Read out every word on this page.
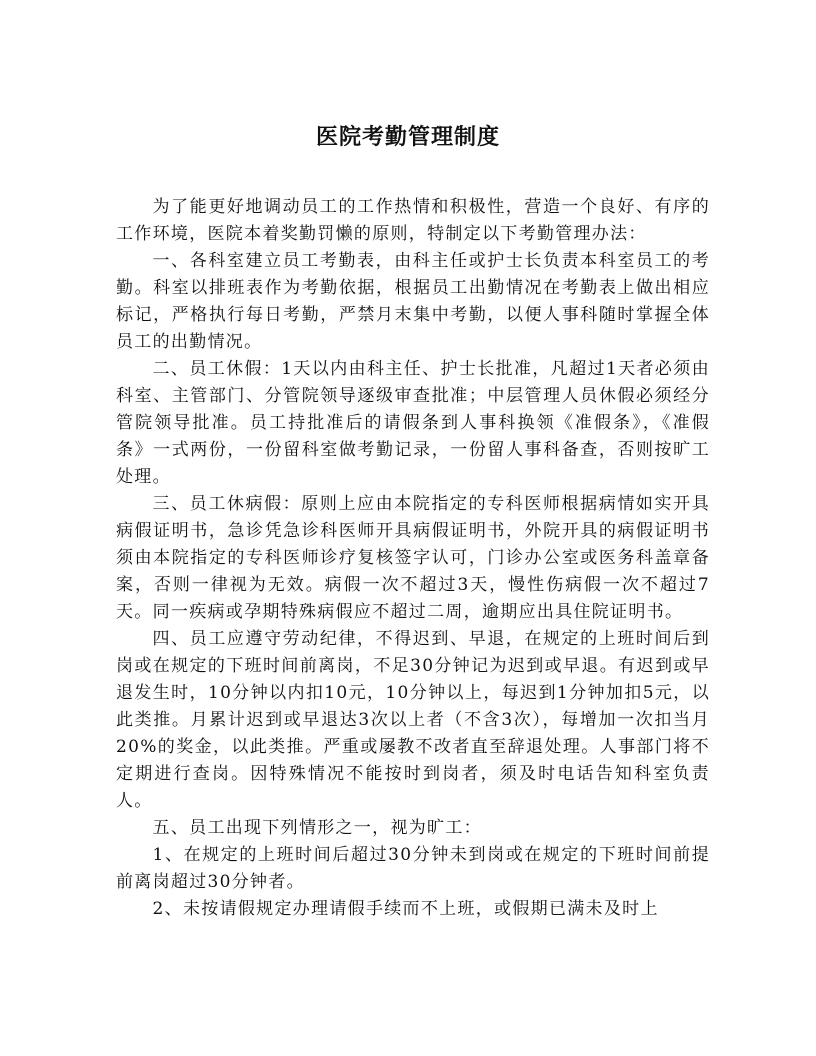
医院考勤管理制度

为了能更好地调动员工的工作热情和积极性，营造一个良好、有序的工作环境，医院本着奖勤罚懒的原则，特制定以下考勤管理办法：

一、各科室建立员工考勤表，由科主任或护士长负责本科室员工的考勤。科室以排班表作为考勤依据，根据员工出勤情况在考勤表上做出相应标记，严格执行每日考勤，严禁月末集中考勤，以便人事科随时掌握全体员工的出勤情况。

二、员工休假：1天以内由科主任、护士长批准，凡超过1天者必须由科室、主管部门、分管院领导逐级审查批准；中层管理人员休假必须经分管院领导批准。员工持批准后的请假条到人事科换领《准假条》，《准假条》一式两份，一份留科室做考勤记录，一份留人事科备查，否则按旷工处理。

三、员工休病假：原则上应由本院指定的专科医师根据病情如实开具病假证明书，急诊凭急诊科医师开具病假证明书，外院开具的病假证明书须由本院指定的专科医师诊疗复核签字认可，门诊办公室或医务科盖章备案，否则一律视为无效。病假一次不超过3天，慢性伤病假一次不超过7天。同一疾病或孕期特殊病假应不超过二周，逾期应出具住院证明书。

四、员工应遵守劳动纪律，不得迟到、早退，在规定的上班时间后到岗或在规定的下班时间前离岗，不足30分钟记为迟到或早退。有迟到或早退发生时，10分钟以内扣10元，10分钟以上，每迟到1分钟加扣5元，以此类推。月累计迟到或早退达3次以上者（不含3次），每增加一次扣当月20%的奖金，以此类推。严重或屡教不改者直至辞退处理。人事部门将不定期进行查岗。因特殊情况不能按时到岗者，须及时电话告知科室负责人。

五、员工出现下列情形之一，视为旷工：

1、在规定的上班时间后超过30分钟未到岗或在规定的下班时间前提前离岗超过30分钟者。

2、未按请假规定办理请假手续而不上班，或假期已满未及时上
